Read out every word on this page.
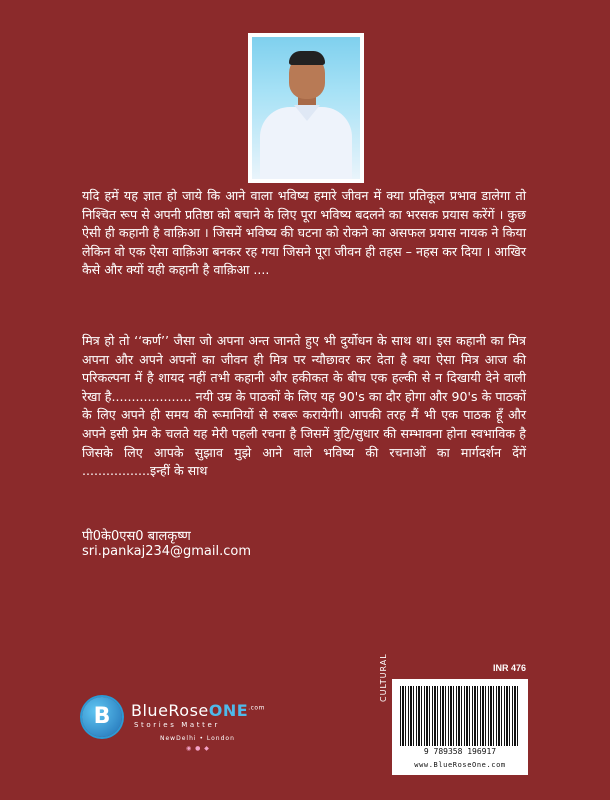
यदि हमें यह ज्ञात हो जाये कि आने वाला भविष्य हमारे जीवन में क्या प्रतिकूल प्रभाव डालेगा तो निश्चित रूप से अपनी प्रतिष्ठा को बचाने के लिए पूरा भविष्य बदलने का भरसक प्रयास करेंगें । कुछ ऐसी ही कहानी है वाक़िआ । जिसमें भविष्य की घटना को रोकने का असफल प्रयास नायक ने किया लेकिन वो एक ऐसा वाक़िआ बनकर रह गया जिसने पूरा जीवन ही तहस – नहस कर दिया । आखिर कैसे और क्यों यही कहानी है वाक़िआ ....
मित्र हो तो ‘‘कर्ण’’ जैसा जो अपना अन्त जानते हुए भी दुर्योधन के साथ था। इस कहानी का मित्र अपना और अपने अपनों का जीवन ही मित्र पर न्यौछावर कर देता है क्या ऐसा मित्र आज की परिकल्पना में है शायद नहीं तभी कहानी और हकीकत के बीच एक हल्की से न दिखायी देने वाली रेखा है.................... नयी उम्र के पाठकों के लिए यह 90's का दौर होगा और 90's के पाठकों के लिए अपने ही समय की रूमानियों से रुबरू करायेगी। आपकी तरह मैं भी एक पाठक हूँ और अपने इसी प्रेम के चलते यह मेरी पहली रचना है जिसमें त्रुटि/सुधार की सम्भावना होना स्वभाविक है जिसके लिए आपके सुझाव मुझे आने वाले भविष्य की रचनाओं का मार्गदर्शन देंगें .................इन्हीं के साथ
पी0के0एस0 बालकृष्ण
sri.pankaj234@gmail.com
B	BlueRoseONE$^{.com}$
Stories Matter
NewDelhi • London
◉ ● ◆
INR 476
CULTURAL
9 789358 196917
www.BlueRoseOne.com
